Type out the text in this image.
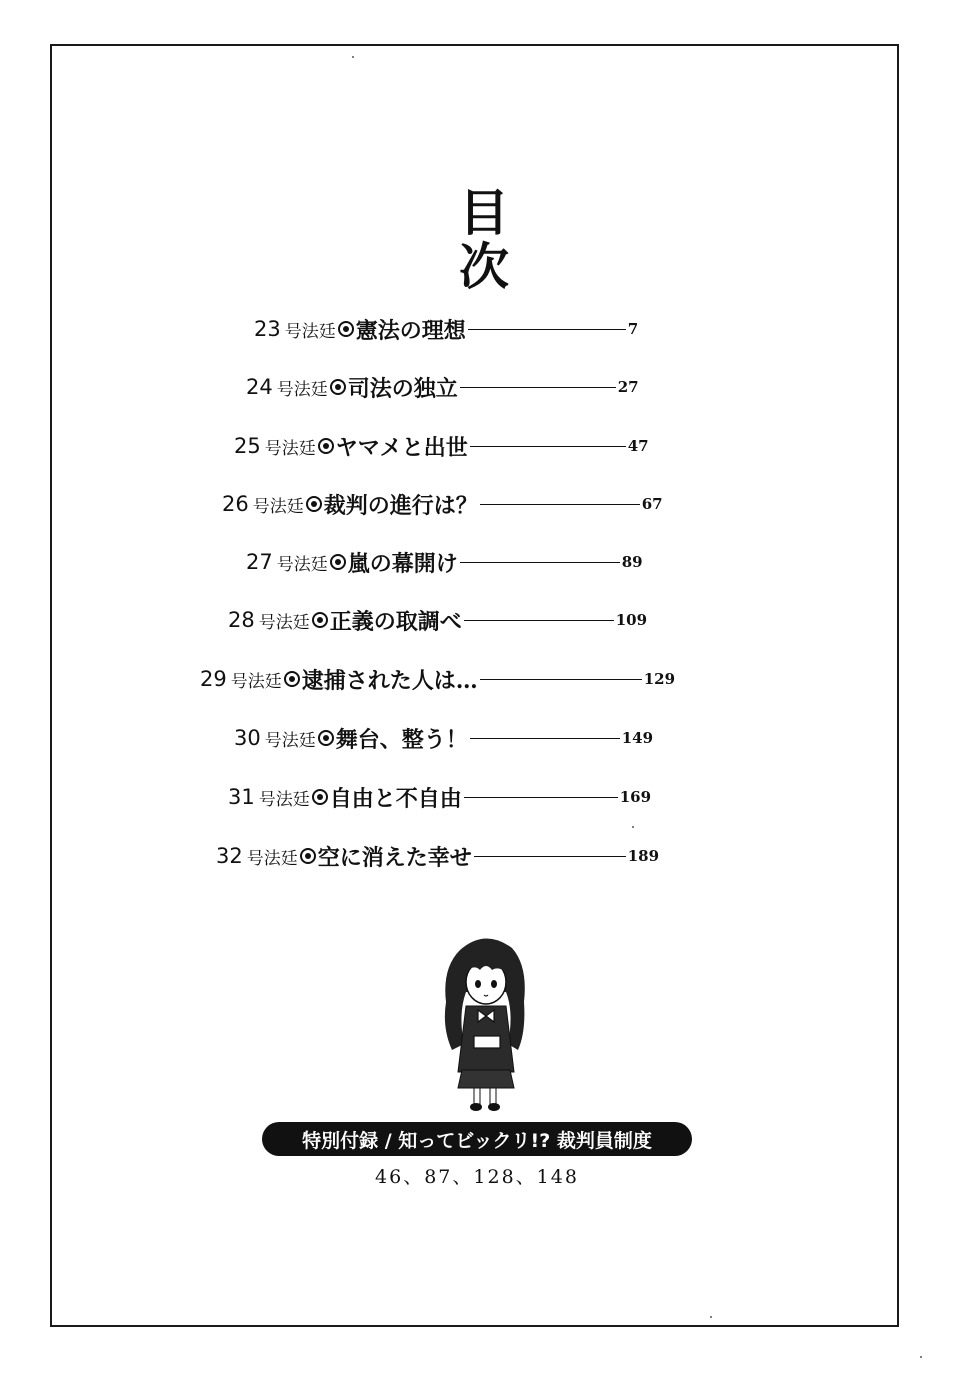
目
次
23 号法廷 憲法の理想	7
24 号法廷 司法の独立	27
25 号法廷 ヤマメと出世	47
26 号法廷 裁判の進行は？	67
27 号法廷 嵐の幕開け	89
28 号法廷 正義の取調べ	109
29 号法廷 逮捕された人は…	129
30 号法廷 舞台、整う！	149
31 号法廷 自由と不自由	169
32 号法廷 空に消えた幸せ	189
特別付録 / 知ってビックリ!? 裁判員制度
46、87、128、148
